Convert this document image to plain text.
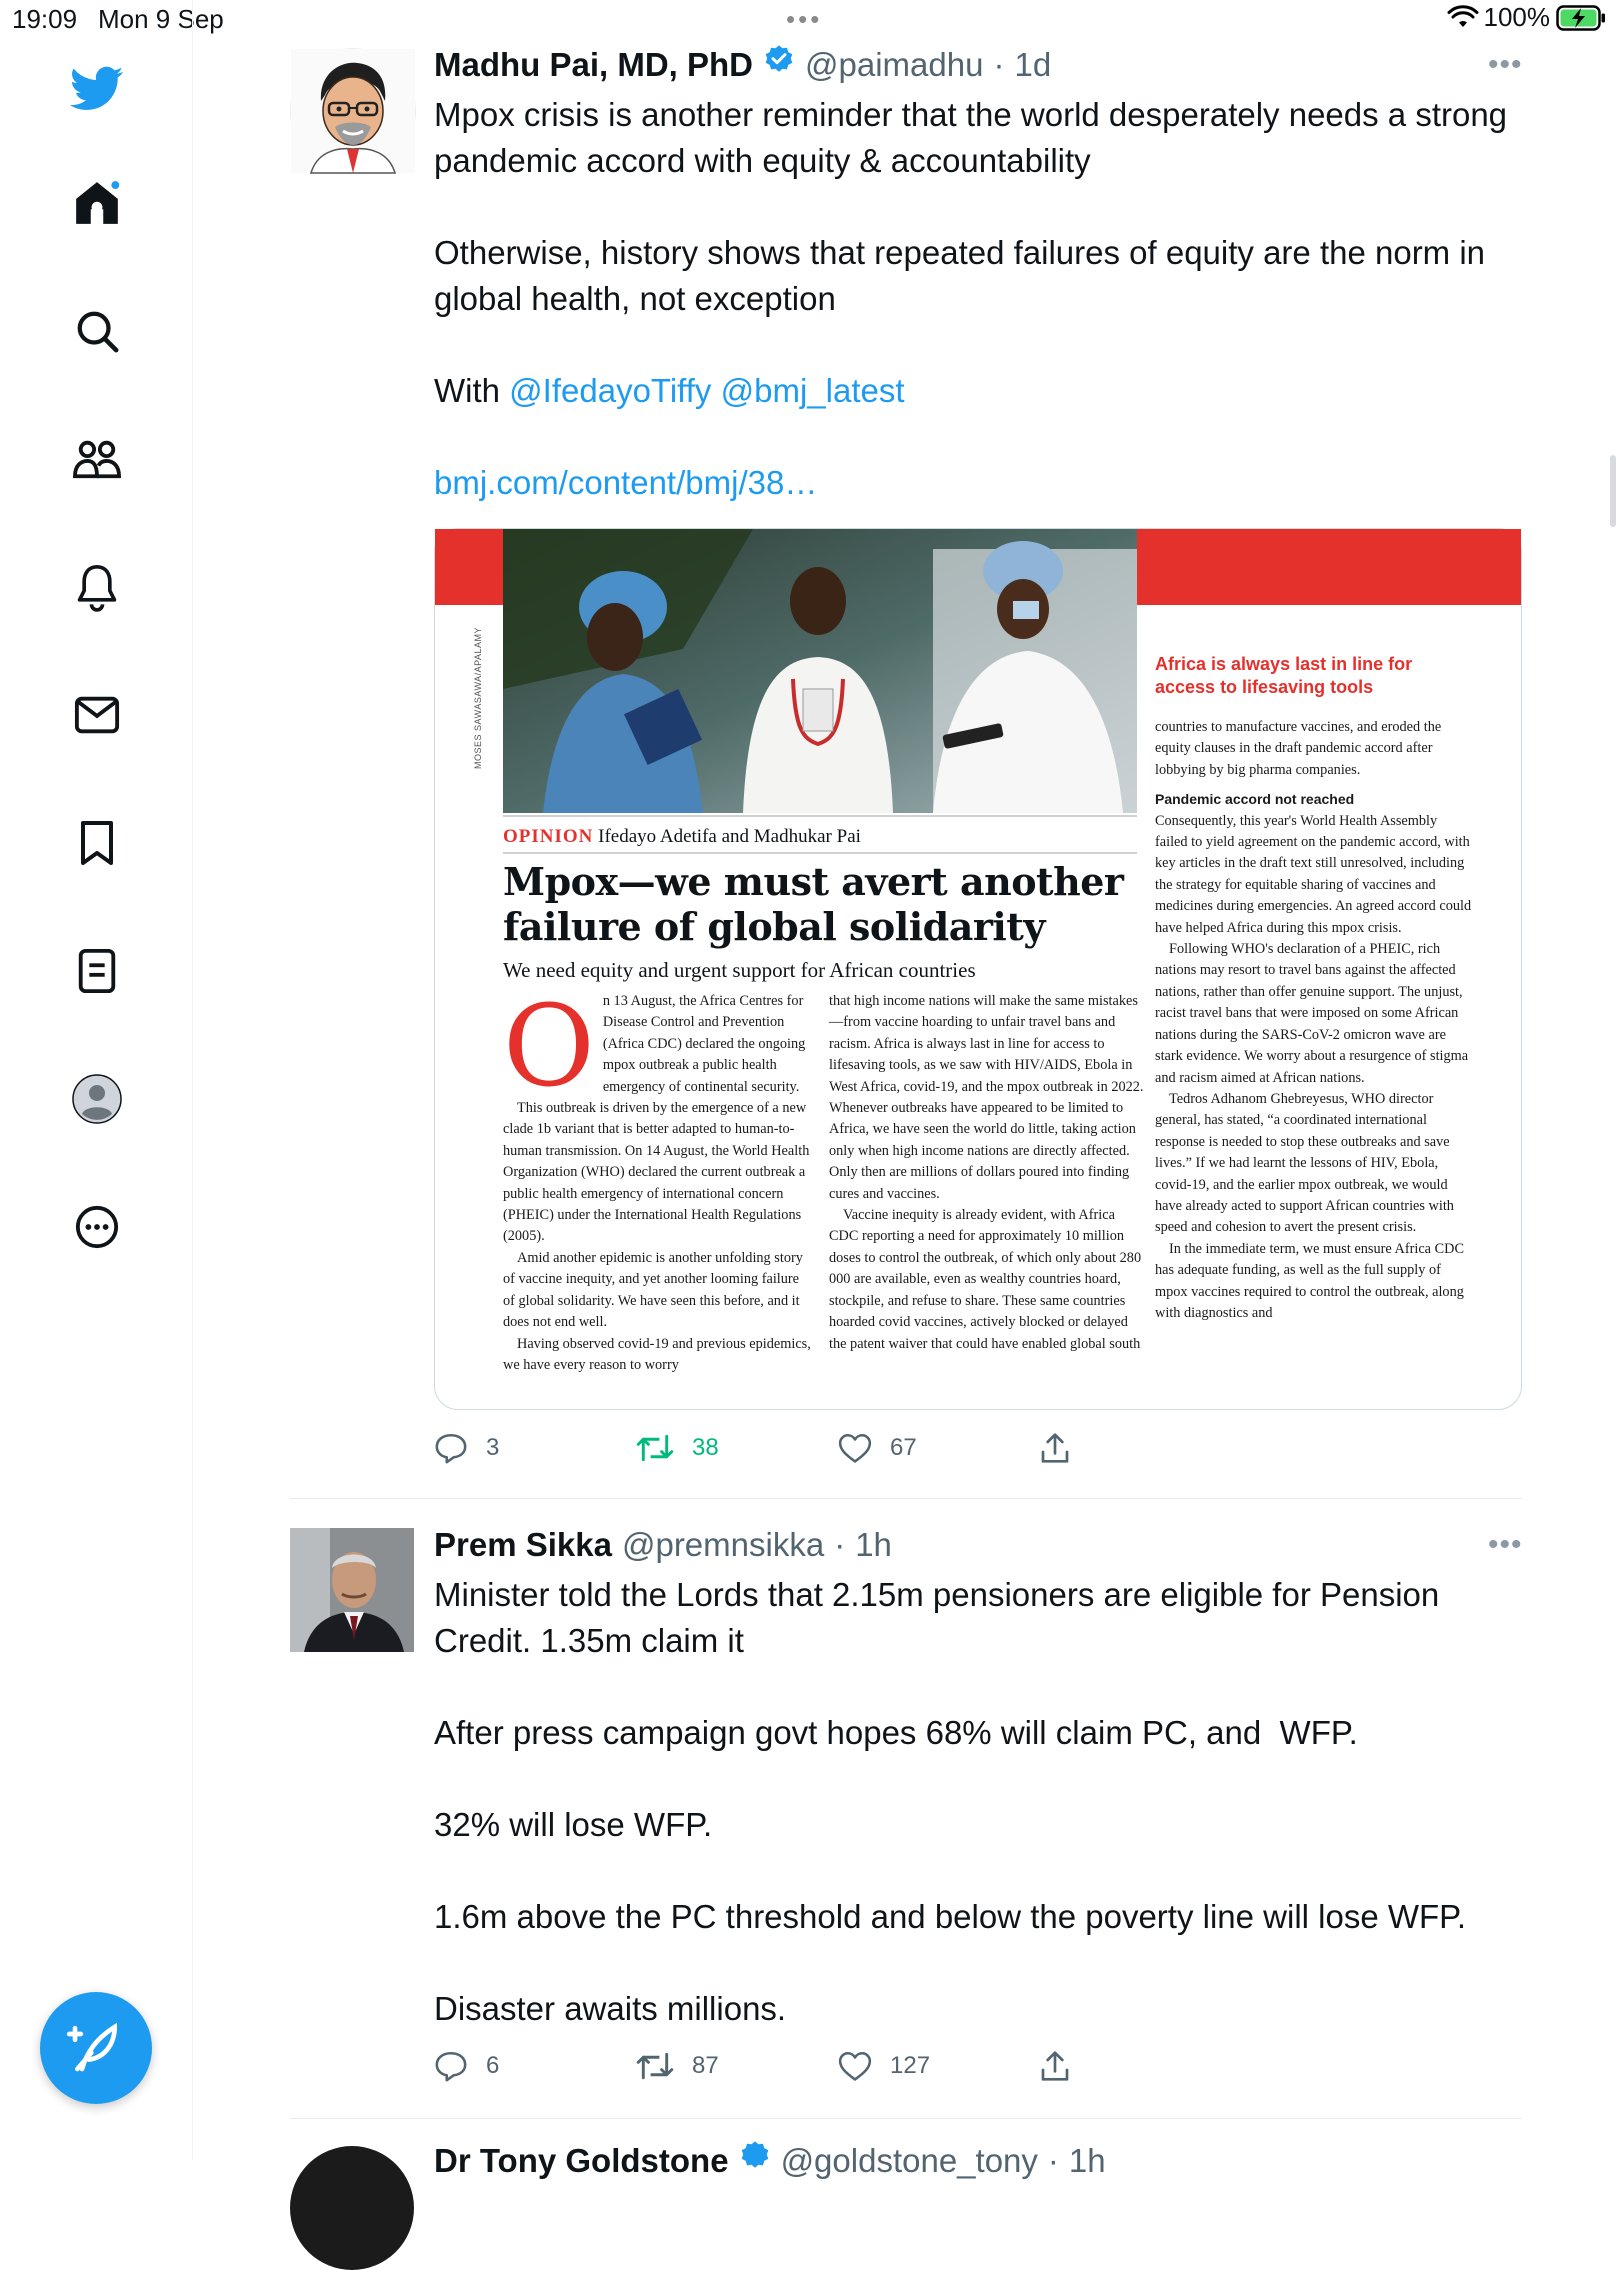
19:09 Mon 9 Sep	•••	100%
Madhu Pai, MD, PhD @paimadhu · 1d	•••
Mpox crisis is another reminder that the world desperately needs a strong pandemic accord with equity & accountability

Otherwise, history shows that repeated failures of equity are the norm in global health, not exception

With @IfedayoTiffy @bmj_latest

bmj.com/content/bmj/38…
MOSES SAWASAWA/APALAMY
OPINION Ifedayo Adetifa and Madhukar Pai
Mpox—we must avert another failure of global solidarity
We need equity and urgent support for African countries
O n 13 August, the Africa Centres for Disease Control and Prevention (Africa CDC) declared the ongoing mpox outbreak a public health emergency of continental security.

This outbreak is driven by the emergence of a new clade 1b variant that is better adapted to human-to-human transmission. On 14 August, the World Health Organization (WHO) declared the current outbreak a public health emergency of international concern (PHEIC) under the International Health Regulations (2005).

Amid another epidemic is another unfolding story of vaccine inequity, and yet another looming failure of global solidarity. We have seen this before, and it does not end well.

Having observed covid-19 and previous epidemics, we have every reason to worry

that high income nations will make the same mistakes—from vaccine hoarding to unfair travel bans and racism. Africa is always last in line for access to lifesaving tools, as we saw with HIV/AIDS, Ebola in West Africa, covid-19, and the mpox outbreak in 2022. Whenever outbreaks have appeared to be limited to Africa, we have seen the world do little, taking action only when high income nations are directly affected. Only then are millions of dollars poured into finding cures and vaccines.

Vaccine inequity is already evident, with Africa CDC reporting a need for approximately 10 million doses to control the outbreak, of which only about 280 000 are available, even as wealthy countries hoard, stockpile, and refuse to share. These same countries hoarded covid vaccines, actively blocked or delayed the patent waiver that could have enabled global south

Africa is always last in line for access to lifesaving tools

countries to manufacture vaccines, and eroded the equity clauses in the draft pandemic accord after lobbying by big pharma companies.

Pandemic accord not reached

Consequently, this year's World Health Assembly failed to yield agreement on the pandemic accord, with key articles in the draft text still unresolved, including the strategy for equitable sharing of vaccines and medicines during emergencies. An agreed accord could have helped Africa during this mpox crisis.

Following WHO's declaration of a PHEIC, rich nations may resort to travel bans against the affected nations, rather than offer genuine support. The unjust, racist travel bans that were imposed on some African nations during the SARS-CoV-2 omicron wave are stark evidence. We worry about a resurgence of stigma and racism aimed at African nations.

Tedros Adhanom Ghebreyesus, WHO director general, has stated, “a coordinated international response is needed to stop these outbreaks and save lives.” If we had learnt the lessons of HIV, Ebola, covid-19, and the earlier mpox outbreak, we would have already acted to support African countries with speed and cohesion to avert the present crisis.

In the immediate term, we must ensure Africa CDC has adequate funding, as well as the full supply of mpox vaccines required to control the outbreak, along with diagnostics and

3	38	67
Prem Sikka @premnsikka · 1h	•••
Minister told the Lords that 2.15m pensioners are eligible for Pension Credit. 1.35m claim it

After press campaign govt hopes 68% will claim PC, and  WFP.

32% will lose WFP.

1.6m above the PC threshold and below the poverty line will lose WFP.

Disaster awaits millions.
6	87	127
Dr Tony Goldstone @goldstone_tony · 1h
